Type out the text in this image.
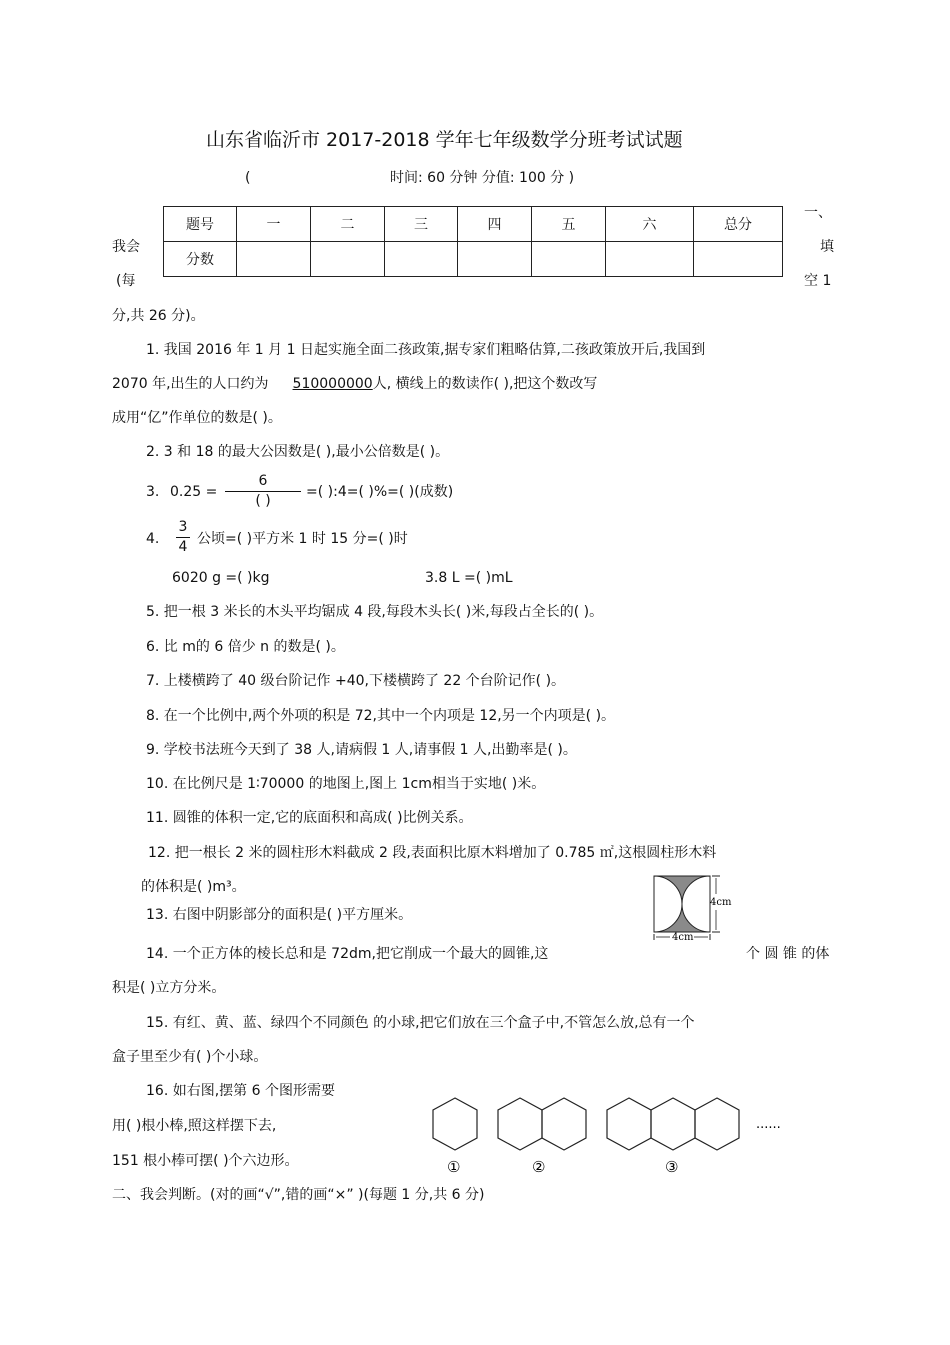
山东省临沂市 2017-2018 学年七年级数学分班考试试题
(	时间: 60 分钟 分值: 100 分 )
题号	一	二	三	四	五	六	总分
分数							
一、
我会	填
(每	空 1
分,共 26 分)。
1. 我国 2016 年 1 月 1 日起实施全面二孩政策,据专家们粗略估算,二孩政策放开后,我国到
2070 年,出生的人口约为 510000000人, 横线上的数读作( ),把这个数改写
成用“亿”作单位的数是( )。
2. 3 和 18 的最大公因数是( ),最小公倍数是( )。
3. 0.25 =
6
( )
=( ):4=( )%=( )(成数)
4.
3
4 公顷=( )平方米 1 时 15 分=( )时
6020 g =( )kg	3.8 L =( )mL
5. 把一根 3 米长的木头平均锯成 4 段,每段木头长( )米,每段占全长的( )。
6. 比 m的 6 倍少 n 的数是( )。
7. 上楼横跨了 40 级台阶记作 +40,下楼横跨了 22 个台阶记作( )。
8. 在一个比例中,两个外项的积是 72,其中一个内项是 12,另一个内项是( )。
9. 学校书法班今天到了 38 人,请病假 1 人,请事假 1 人,出勤率是( )。
10. 在比例尺是 1∶70000 的地图上,图上 1cm相当于实地( )米。
11. 圆锥的体积一定,它的底面积和高成( )比例关系。
12. 把一根长 2 米的圆柱形木料截成 2 段,表面积比原木料增加了 0.785 ㎡,这根圆柱形木料
的体积是( )m³。
13. 右图中阴影部分的面积是( )平方厘米。
4cm
4cm
14. 一个正方体的棱长总和是 72dm,把它削成一个最大的圆锥,这	个 圆 锥 的体
积是( )立方分米。
15. 有红、黄、蓝、绿四个不同颜色 的小球,把它们放在三个盒子中,不管怎么放,总有一个
盒子里至少有( )个小球。
16. 如右图,摆第 6 个图形需要
用( )根小棒,照这样摆下去,
151 根小棒可摆( )个六边形。	①	②	③
······
二、我会判断。(对的画“√”,错的画“×” )(每题 1 分,共 6 分)
